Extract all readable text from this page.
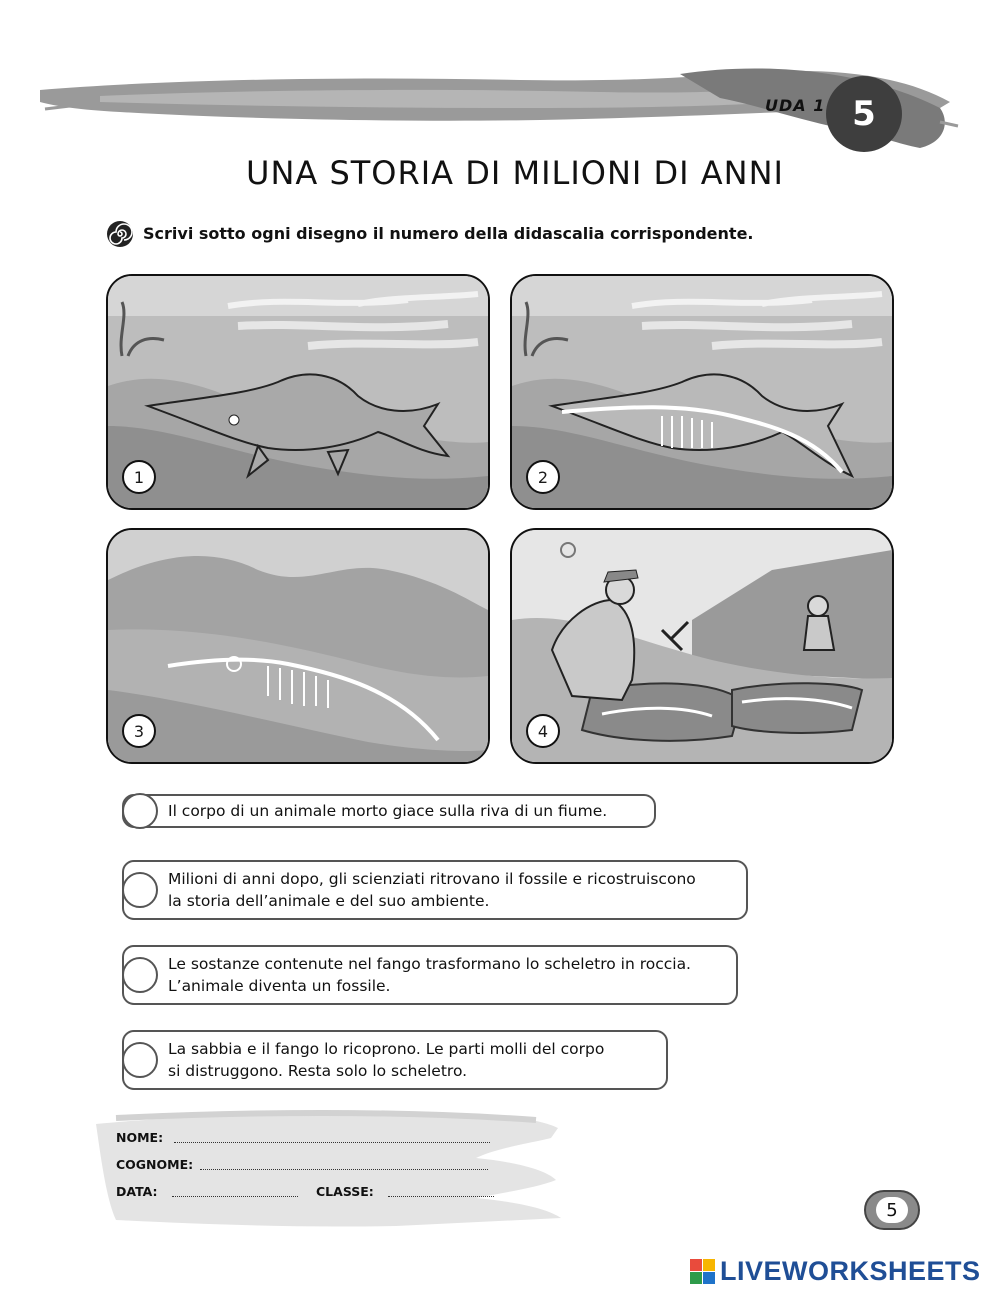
UDA 1 5
UNA STORIA DI MILIONI DI ANNI
Scrivi sotto ogni disegno il numero della didascalia corrispondente.
1	2
3	4
Il corpo di un animale morto giace sulla riva di un fiume.
Milioni di anni dopo, gli scienziati ritrovano il fossile e ricostruiscono
la storia dell’animale e del suo ambiente.
Le sostanze contenute nel fango trasformano lo scheletro in roccia.
L’animale diventa un fossile.
La sabbia e il fango lo ricoprono. Le parti molli del corpo
si distruggono. Resta solo lo scheletro.
NOME:
COGNOME:
DATA:	CLASSE:
5
LIVEWORKSHEETS
